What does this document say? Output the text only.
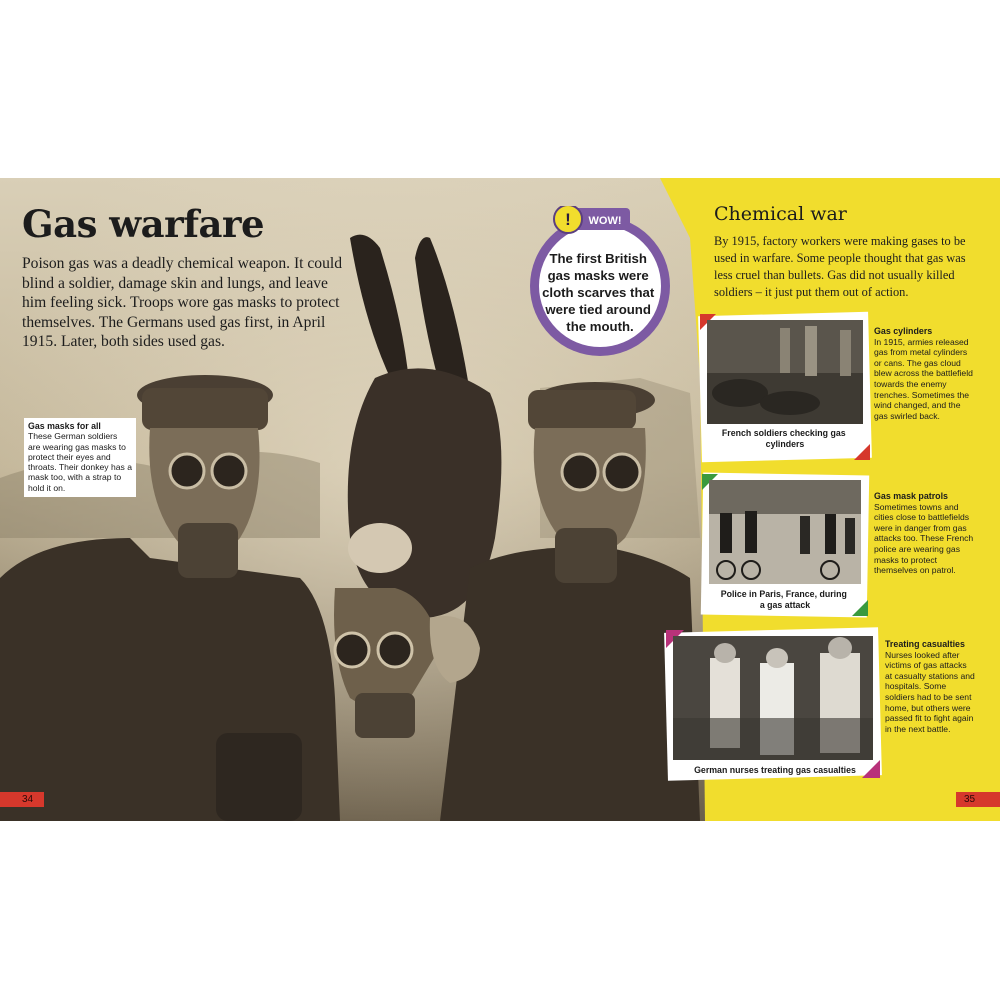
Gas warfare

Poison gas was a deadly chemical weapon. It could blind a soldier, damage skin and lungs, and leave him feeling sick. Troops wore gas masks to protect themselves. The Germans used gas first, in April 1915. Later, both sides used gas.

Gas masks for all
These German soldiers are wearing gas masks to protect their eyes and throats. Their donkey has a mask too, with a strap to hold it on.
! WOW!
The first British gas masks were cloth scarves that were tied around the mouth.
Chemical war

By 1915, factory workers were making gases to be used in warfare. Some people thought that gas was less cruel than bullets. Gas did not usually killed soldiers – it just put them out of action.

French soldiers checking gas cylinders
Police in Paris, France, during a gas attack
German nurses treating gas casualties
Gas cylinders
In 1915, armies released gas from metal cylinders or cans. The gas cloud blew across the battlefield towards the enemy trenches. Sometimes the wind changed, and the gas swirled back.
Gas mask patrols
Sometimes towns and cities close to battlefields were in danger from gas attacks too. These French police are wearing gas masks to protect themselves on patrol.
Treating casualties
Nurses looked after victims of gas attacks at casualty stations and hospitals. Some soldiers had to be sent home, but others were passed fit to fight again in the next battle.
34	35
